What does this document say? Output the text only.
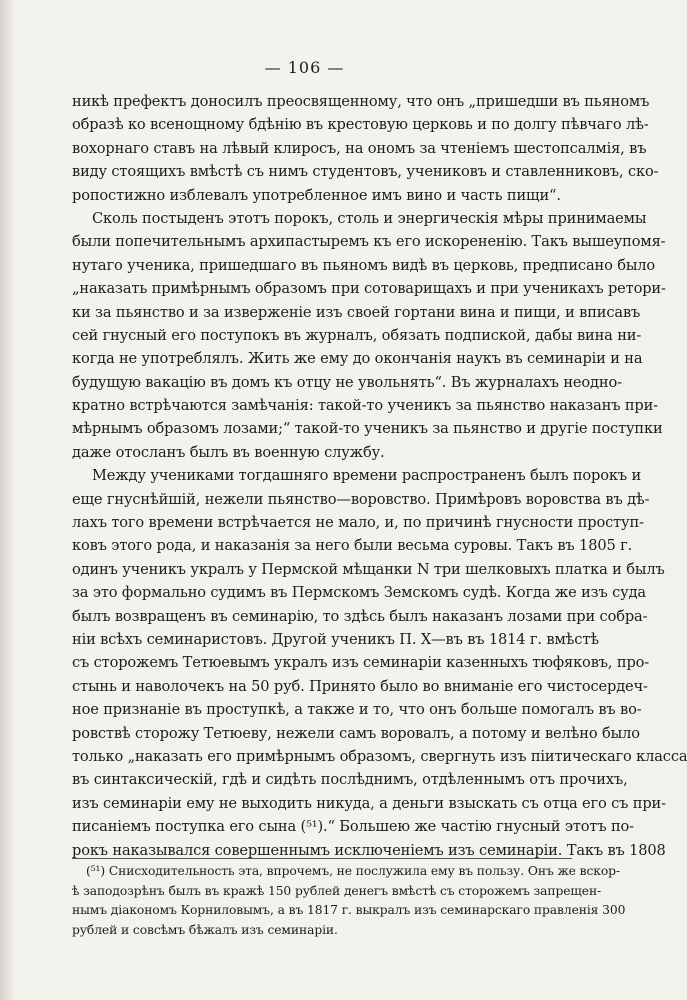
— 106 —
никѣ префектъ доносилъ преосвященному, что онъ „пришедши въ пьяномъ
образѣ ко всенощному бдѣнію въ крестовую церковь и по долгу пѣвчаго лѣ-
вохорнаго ставъ на лѣвый клиросъ, на ономъ за чтеніемъ шестопсалмія, въ
виду стоящихъ вмѣстѣ съ нимъ студентовъ, учениковъ и ставленниковъ, ско-
ропостижно изблевалъ употребленное имъ вино и часть пищи“.
Сколь постыденъ этотъ порокъ, столь и энергическія мѣры принимаемы
были попечительнымъ архипастыремъ къ его искорененію. Такъ вышеупомя-
нутаго ученика, пришедшаго въ пьяномъ видѣ въ церковь, предписано было
„наказать примѣрнымъ образомъ при сотоварищахъ и при ученикахъ ретори-
ки за пьянство и за изверженіе изъ своей гортани вина и пищи, и вписавъ
сей гнусный его поступокъ въ журналъ, обязать подпиской, дабы вина ни-
когда не употреблялъ. Жить же ему до окончанія наукъ въ семинаріи и на
будущую вакацію въ домъ къ отцу не увольнять“. Въ журналахъ неодно-
кратно встрѣчаются замѣчанія: такой-то ученикъ за пьянство наказанъ при-
мѣрнымъ образомъ лозами;“ такой-то ученикъ за пьянство и другіе поступки
даже отосланъ былъ въ военную службу.
Между учениками тогдашняго времени распространенъ былъ порокъ и
еще гнуснѣйшій, нежели пьянство—воровство. Примѣровъ воровства въ дѣ-
лахъ того времени встрѣчается не мало, и, по причинѣ гнусности проступ-
ковъ этого рода, и наказанія за него были весьма суровы. Такъ въ 1805 г.
одинъ ученикъ укралъ у Пермской мѣщанки N три шелковыхъ платка и былъ
за это формально судимъ въ Пермскомъ Земскомъ судѣ. Когда же изъ суда
былъ возвращенъ въ семинарію, то здѣсь былъ наказанъ лозами при собра-
ніи всѣхъ семинаристовъ. Другой ученикъ П. Х—въ въ 1814 г. вмѣстѣ
съ сторожемъ Тетюевымъ укралъ изъ семинаріи казенныхъ тюфяковъ, про-
стынь и наволочекъ на 50 руб. Принято было во вниманіе его чистосердеч-
ное признаніе въ проступкѣ, а также и то, что онъ больше помогалъ въ во-
ровствѣ сторожу Тетюеву, нежели самъ воровалъ, а потому и велѣно было
только „наказать его примѣрнымъ образомъ, свергнуть изъ піитическаго класса
въ синтаксическій, гдѣ и сидѣть послѣднимъ, отдѣленнымъ отъ прочихъ,
изъ семинаріи ему не выходить никуда, а деньги взыскать съ отца его съ при-
писаніемъ поступка его сына (⁵¹).“ Большею же частію гнусный этотъ по-
рокъ наказывался совершеннымъ исключеніемъ изъ семинаріи. Такъ въ 1808
(⁵¹) Снисходительность эта, впрочемъ, не послужила ему въ пользу. Онъ же вскор-
ѣ заподозрѣнъ былъ въ кражѣ 150 рублей денегъ вмѣстѣ съ сторожемъ запрещен-
нымъ діакономъ Корниловымъ, а въ 1817 г. выкралъ изъ семинарскаго правленія 300
рублей и совсѣмъ бѣжалъ изъ семинаріи.
